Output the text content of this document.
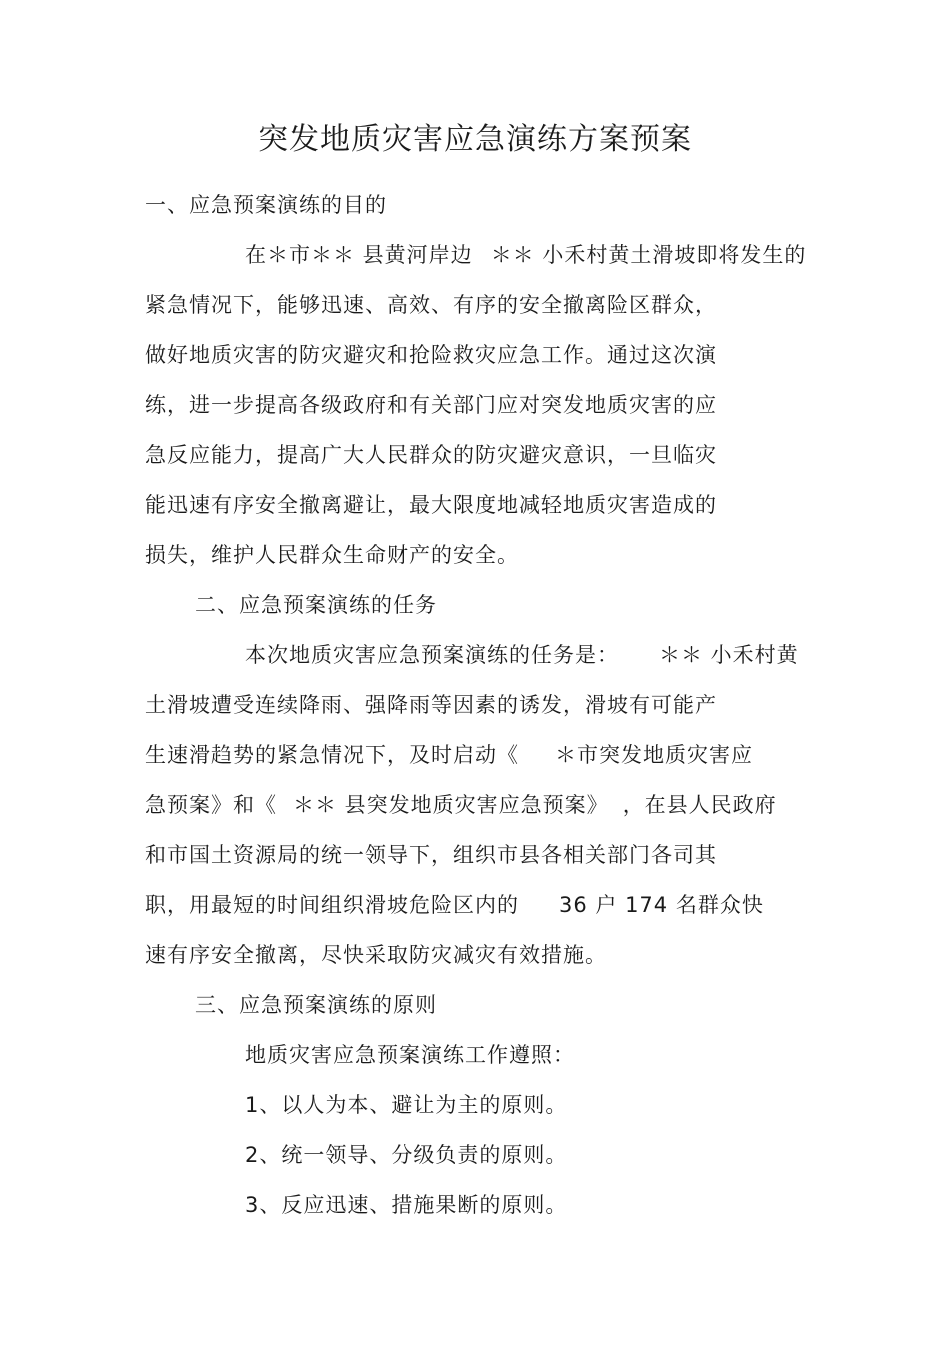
突发地质灾害应急演练方案预案
一、应急预案演练的目的
在＊市＊＊ 县黄河岸边 ＊＊ 小禾村黄土滑坡即将发生的
紧急情况下，能够迅速、高效、有序的安全撤离险区群众，
做好地质灾害的防灾避灾和抢险救灾应急工作。通过这次演
练，进一步提高各级政府和有关部门应对突发地质灾害的应
急反应能力，提高广大人民群众的防灾避灾意识，一旦临灾
能迅速有序安全撤离避让，最大限度地减轻地质灾害造成的
损失，维护人民群众生命财产的安全。
二、应急预案演练的任务
本次地质灾害应急预案演练的任务是： ＊＊ 小禾村黄
土滑坡遭受连续降雨、强降雨等因素的诱发，滑坡有可能产
生速滑趋势的紧急情况下，及时启动《 ＊市突发地质灾害应
急预案》和《 ＊＊ 县突发地质灾害应急预案》 ，在县人民政府
和市国土资源局的统一领导下，组织市县各相关部门各司其
职，用最短的时间组织滑坡危险区内的 36 户 174 名群众快
速有序安全撤离，尽快采取防灾减灾有效措施。
三、应急预案演练的原则
地质灾害应急预案演练工作遵照：
1、以人为本、避让为主的原则。
2、统一领导、分级负责的原则。
3、反应迅速、措施果断的原则。
